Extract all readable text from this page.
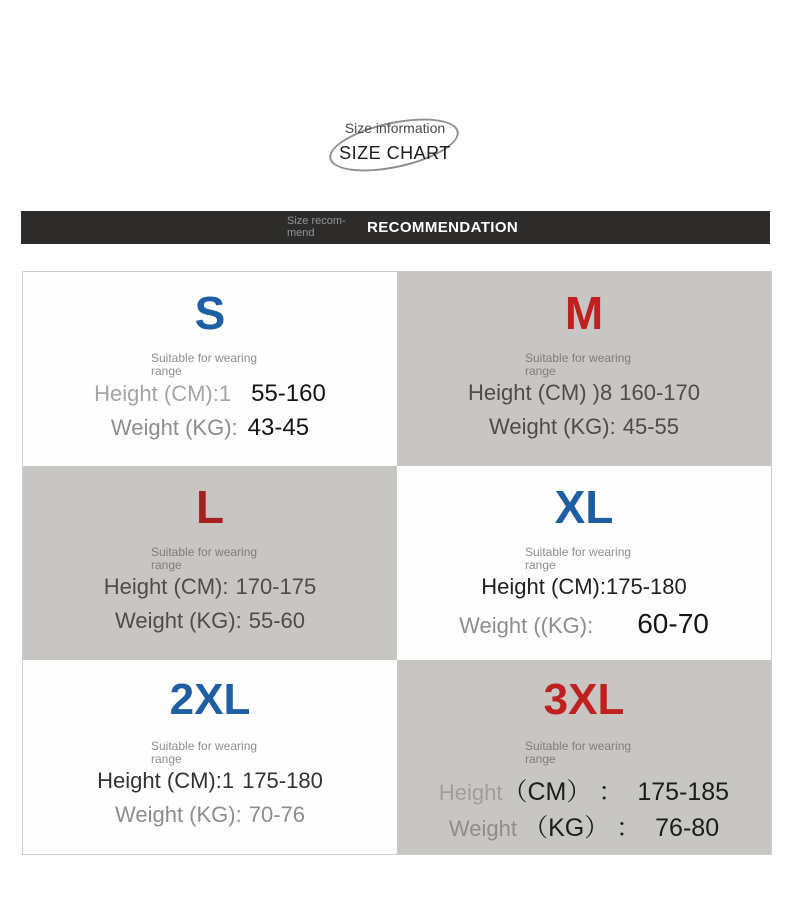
Size information
SIZE CHART
Size recom-
mend	RECOMMENDATION
S
Suitable for wearing
range
Height (CM):1 55-160
Weight (KG): 43-45
M
Suitable for wearing
range
Height (CM) )8 160-170
Weight (KG): 45-55
L
Suitable for wearing
range
Height (CM): 170-175
Weight (KG): 55-60
XL
Suitable for wearing
range
Height (CM):175-180
Weight ((KG): 60-70
2XL
Suitable for wearing
range
Height (CM):1 175-180
Weight (KG): 70-76
3XL
Suitable for wearing
range
Height（CM） ： 175-185
Weight （KG） ： 76-80
